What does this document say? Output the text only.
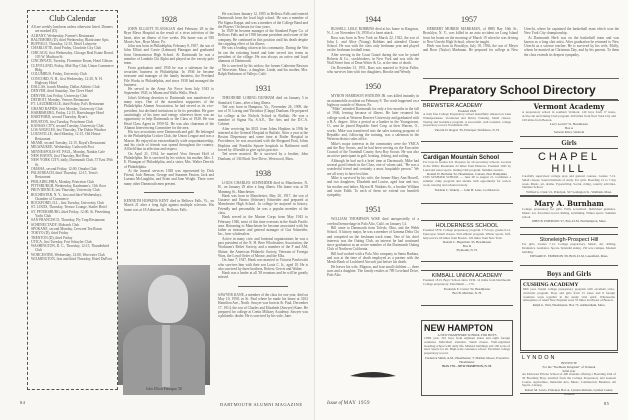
Club Calendar

All are weekly luncheon unless otherwise listed. Dinners are marked (D).

ALBANY, Wednesday, Farmer's Restaurant

BALTIMORE (D), third Wednesday, Blackstone Apts.

BUFFALO, Thursday, 12:15, Hotel Lafayette

CHARLOTTE, third Friday, Charlotte City Club

CHICAGO, first Wednesday, Chicago Real Estate Board, 105 W. Madison St.

CINCINNATI, Tuesday, Florentine Room, Hotel Gibson

CLEVELAND, Friday, Mid-Day Club, Union Commerce Bldg.

COLUMBUS, Friday, University Club

CONCORD, N. H., first Wednesday, 12:30, N. H. Highway Hotel

DALLAS, fourth Monday, Dallas Athletic Club

DENVER, third Saturday, Van Cleve Hotel

DENVER, last Friday, University Club

DETROIT, Monday, Vernors Restaurant

FT. LAUDERDALE, third Friday, Pal's Restaurant

GRAND RAPIDS, first Monday, University Club

HARRISBURG, Friday, 12:15, Harrisburger Hotel

HARTFORD, second Thursday, Ryan's

HOUSTON, first Tuesday, Petroleum Club

KANSAS CITY, second Tuesday, University Club

LOS ANGELES, last Thursday, The Dubin Windsor

LOUISVILLE, third Monday, 12:15, Old House Restaurant

MIAMI, second Tuesday, 12:15, Royal's Restaurant

MILWAUKEE, Wednesday, Cudworth Post

MINNEAPOLIS-ST. PAUL, Monday, Nankin Cafe

NEW HAVEN, first Thursday, Hof Brau

NEW YORK CITY, daily, Dartmouth Club, 37 East 39th St.

OMAHA, second Friday, 12:00, Omaha Club

PALM BEACH, third Thursday, 12:15, Testa's Restaurant

PHILADELPHIA, Monday, Princeton Club

PITTSBURGH, Wednesday, Kaufmann's, 11th floor

PROVIDENCE, last Thursday, University Club

ROCHESTER, N. Y., first and third Wednesdays, Chamber of Commerce

ROCKFORD, ILL., first Tuesday, University Club

ST. LOUIS, Thursday, Terrace Lounge, Statler Hotel

ST. PETERSBURG, third Friday, 12:00, St. Petersburg Yacht Club

SAN FRANCISCO, Thursday, Fly Trap Restaurant

SCHENECTADY, Mohawk Club

SPOKANE, second Monday, Crescent Tea Room

TOKYO (D), third Friday

TRENTON (D), third Friday

UTICA, first Tuesday, Fort Schuyler Club

WASHINGTON, D. C., Thursday, 12:15, Thunderbird Club

WORCESTER, Wednesday, 12:00, Worcester Club

WILMINGTON, first and third Thursday, Hotel DuPont

1928

JOHN ELLIOTT FLANAGAN died February 28 in the Bryn Mawr Hospital as the result of a virus infection of the heart, after an illness of five weeks. His home was at 930 Morris Ave., Bryn Mawr, Pa.

John was born in Philadelphia, February 8, 1907, the son of John Elliott and Carrie (Lehman) Flanagan and graduated from Germantown High School. At Dartmouth he was a member of Lambda Chi Alpha and played on the varsity polo team.

From graduation until 1936 he was a salesman for the securities business in Philadelphia. In 1936 he became treasurer and manager of the family business, the Freeland File Works in Philadelphia, and since 1938 had managed the business.

He served in the Army Air Force from July 1943 to September 1945, in Miami and Walla Walla, Wash.

John's lifelong devotion to Dartmouth was manifested in many ways. One of the staunchest supporters of the Philadelphia Alumni Association, he had served as its vice-president, but declined invitations to be its president. He gave unstintingly of his time and energy wherever there was an opportunity to help Dartmouth or the Class of 1928. He was Head Class Agent in 1950-52. He was also chairman of the Alumni Interviewing Committee for the area.

His two avocations were Dartmouth and golf. He belonged to the Philadelphia Cricket Club, the Union League and was a Mason. He enjoyed an extraordinarily wide acquaintanceship, and his circle of friends was spread throughout the country. All held him in affection and respect.

On April 21, 1934, he married Vera Stewart Hoff of Philadelphia. He is survived by his widow, his mother, Mrs. J. E. Flanagan of Philadelphia, and a sister, Mrs. Walter Derrick of Philadelphia.

At the funeral services 1928 was represented by Dick Friend, Jack Benson, George and Suzanne Paxton, Jack and Luenna McLaughlin, and Ernie and Jane Wright. There were many other Dartmouth men present.

KENNETH HOPKINS KENT died in Bellows Falls, Vt., on March 21 after a long fight against multiple sclerosis. His home was at 18 Atkinson St., Bellows Falls.
John Elliott Flanagan '28

He was born January 12, 1905 in Bellows Falls and entered Dartmouth from the local high school. He was a member of Phi Sigma Kappa, and was a member of the College Band and the Players' Orchestra for four years.

In 1929 he became manager of the Standard Paper Co. of Bellows Falls and in 1938 became president and owner of the company. He continued in this position until his death despite the crippling effect of his illness.

He was a leading citizen in his community. During the War he ran the rationing board and later served two terms as president of the village. He was always an active and loyal alumnus of Dartmouth.

He is survived by his widow, the former Catherine Rawson of Worcester, Mass., a daughter, Linda, and his mother, Mrs. Ralph Parkinson of Vallejo, Calif.

1931

THEODORE LORING DUNHAM died on January 3 in Stamford, Conn., after a long illness.

Ted was born in Hampton, Va., November 26, 1909, the son of N. Loring and Theodora (Clapp) Dunham. He prepared for college at the Nichols School in Buffalo. He was a member of Sigma Nu, S.A.E., The Arts and the D.C.A. Cabinet.

After receiving his M.D. from Johns Hopkins in 1936 he interned at the General Hospital in Buffalo. After a year at the Boston Dispensary and some time at Butler Hospital in Providence, he was associated with the Sheppard Pratt, Johns Hopkins and Franklin Square hospitals in Baltimore until forced by ill health to give up his practice.

Ted never married. He is survived by a brother, John Dunham, of 136 Birch Tree Drive, Westwood, Mass.

1938

LOUIS CHARLES SCHNEIDER died in Manchester, N. H., on January 29 after a long illness. His home was at 58 Manning St., Manchester.

Hank was born in Manchester, May 20, 1917, the son of Gustave and Emma (Scheuer) Schneider and prepared at Manchester High School. In college he majored in history. Friendly and personable, he was a popular member of the class.

Hank served in the Marine Corps from May 1943 to February 1946, most of this time overseas in the South Pacific area. Returning to Manchester he became associated with his father as treasurer and general manager of Gus Schneider, Inc., beer wholesalers.

Active in many civic and fraternal organizations he was a past president of the N. H. Beer Wholesalers Association, the Workmen's Relief Society, and a member of the F and AM, Shrine, the American Philatelic Society, Veterans of Foreign Wars, the Loyal Order of Moose, and the Elks.

On June 7, 1947, Hank was married to Victoria Pawlowski who survives him with their son Louis C. Jr., aged 10. He is also survived by three brothers, Robert, Gervis and Walter.

Hank was a leader at all '38 reunions and he will be greatly missed.

SAWYER KANE, a member of the class for one year, died on May 10, 1958, in St. Paul where he made his home at 3102 Hamilton Ave., North. Sawyer was born in St. Paul, December 17, 1914, the son of Charles and Elizabeth (Sawyer) Kane. He prepared for college at Cretin Military Academy. Sawyer was a philatelic dealer. He is survived by his wife, Jane.
84	DARTMOUTH ALUMNI MAGAZINE
1944

RUSSELL LISLE ROBBINS died at his home in Kingston, N. J., on November 16, 1958 of a heart attack.

Russ was born in New York on March 22, 1922, the son of John L. and Alice (Young) Robbins and attended Choate School. He was with the class only freshman year and played on the freshman football team.

After serving in the Coast Guard during the war he joined Roberts & Co., stockbrokers, in New York and was with the Wall Street firm of Dean Witter & Co. at the time of death.

On December 31, 1951, Russ was married to Sylvia Fuller, who survives him with two daughters, Brooke and Wendy.

1950

MYRON HARRISON WATKINS JR. was killed instantly in an automobile accident on February 8. The crash happened on a highway outside of Sharon, Pa.

"Mike" attended Dartmouth for only a few months in the fall of 1946, leaving because of illness. He later resumed his college work at Western Reserve University and graduated with a B.A. degree. After a period as a banker in the Youngstown, O., area he joined Republic Steel Corp. at their Warren, O., works. Mike was transferred into the sales training program of Republic and, following the training, was a salesman in the Western district sales office.

Mike's major interests in the community were the YMCA and the Boy Scouts, and he had been serving on the Executive Council of the Trumbull County Area Boy Scouts. He was also an active participant in golf, boating, fishing, and sailing.

Although he had such a brief time at Dartmouth, Mike had several good friends in the Class, one of whom said, "He was a wonderful friend and certainly a most hospitable person." We are all sorry to have lost him.

Mike is survived by his wife, the former Mary Ann Howell, and two daughters, Elizabeth and Louise, aged four and two; his mother and father, Myron H. Watkins Sr., a brother William and sister Edith. To each of them we extend our heartfelt sympathy.

1951

WILLIAM THOMPSON WISE died unexpectedly of a cerebral hemorrhage in Palo Alto, Calif. on January 14.

Bill came to Dartmouth from Toledo, Ohio, and the Webb School. A history major, he was a member of Gamma Delta Chi and competed on the freshman track team. One of his chief interests was the Outing Club, an interest he had continued since graduation as an active member of the Dartmouth Outing Club of Northern California.

Bill had worked with a Palo Alto company in Santa Barbara, and was at the time of death employed as a partner with the Menlo Bank of Lockheed Aircraft just before his death.

He leaves his wife, Mignon, and four small children — three sons and a daughter. The family resides at 789 Loveland Drive, Palo Alto.

Issue of MAY 1959	85
1957

HERBERT MORRIS MARKMAN, of 8885 Bay 16th St., Brooklyn, N. Y., was killed in an auto accident on Long Island from his home on the morning of March 19 when he was driving to New Utrecht High School, where he taught.

Herb was born in Brooklyn, July 18, 1936, the son of Meyer and Rose (Taylor) Markman. He prepared for college at New Utrecht, where he captained the basketball team which won the New York City championship.

At Dartmouth Herb was on the basketball team and was known as a long shot artist. After graduation he returned to New Utrecht as a science teacher. He is survived by his wife, Molly, whom he married on Christmas Day, and by his parents. To them the class extends its deepest sympathy.

Preparatory School Directory
BREWSTER ACADEMY
Founded 1820
A truly fine College Preparatory school beautifully situated on Lake Winnipesaukee. Vocational and Driver Training. Small classes. Testing and Guidance program. A successful, well rounded, college preparatory record. Enrollment 250.
Vincent D. Rogers '36, Principal, Wolfeboro, N. H.
Cardigan Mountain School
For boys in Grades 6-9. Prepares for all secondary schools. Located in the White Mountains 22 miles from Hanover. Founded 1945 by Land and water sports. Outing Club program. Summer session.
Roland W. Burbank '32, Headmaster, Canaan, New Hampshire
CMS SUMMER SCHOOL — June 28 to August 21. Combines a summer camp program and studies with opportunity for review work, tutoring and advanced study.
Norman C. Wakely — John H. Lane, Co-Directors
HOLDERNESS SCHOOL
Founded 1879. College preparatory program. 175 boys, grades 9-12. Episcopal. Small classes. Full athletic program. Winter sports. Self-help service 60 miles from Boston. 120 miles from New York.
Donald C. Hagerman '45, Headmaster
Box D
Plymouth, N. H.
KIMBALL UNION ACADEMY
Founded 1813. Boys' School since 1936. 14 miles from Dartmouth. College preparatory. Enrollment — 170.
Frederick E. Carver '32, Headmaster
Box B, Meriden, N. H.
NEW HAMPTON
A NEW HAMPSHIRE SCHOOL FOR BOYS
138th year. 310 boys from eighteen states and eight foreign countries. Individual attention. Small classes. Well-regulated boarding school with daily life. Modern buildings and 100 acres of land. Sports for all. High-scale counselor school. Excellent college preparatory record.
Frederick Smith, A.M., Headmaster; T. Holmes Moore, Executive Headmaster
BOX 170—NEW HAMPTON, N. H.
Vermont Academy
A preparatory school in southern Vermont. 140 boys from 17 states. Active ski and Outing Club program. 200 miles from New York City and 100 miles from Boston.
Larry Leavitt '31, Headmaster
Box A
Saxtons River, Vermont
CHAPEL HILL
Carefully supervised college prep and general courses. Grades 7-12. Small classes. Sound methods of study. For girls. Boarding 12 to 7-day week. Music, art, drama. Typewriting. Social, riding, country activities. Summer School.
Wilfred G. Clark '21, Principal, 327 Lexington St., Waltham, Mass.
Mary A. Burnham
College preparatory for girls. Fully accredited. Individual guidance. Music, Art. Excellent record. Riding, swimming. Winter sports. Summer school.
JOHN B. EMERSON '27, Box 43-M, Northampton, Mass.
Stoneleigh-Prospect Hill
For girls. Grades 7-12. College preparatory. Music, Art. Riding, Dramatics. Guidance. Sports. Splendid skiing. 150 acre campus. Modern building.
EDWARD E. EMERSON '28, BOX 43-M, Greenfield, Mass.
CUSHING ACADEMY
84th year. Sound college preparatory program with excellent extra-curricular program. Boys and girls from 15 states and 8 foreign countries work together in the sunny vital spirit. Wholesome atmosphere of small New England town 55 miles northwest of Boston.
Ralph G. Watt, Headmaster, Box 75, Ashburnham, Mass.
LYNDON
INSTITUTE
For the "Northeast Kingdom" of Vermont
92nd year
An Endowed Private School of 400 students offering a Boarding Unit of 30 Boarding Boys enrolled from the College Preparatory and General Course. Agriculture, Industrial Arts, Music, Commercial, Business. All Sports. Catalog.
Robert M. Lewis, Principal, Box A, Lyndon Institute, Lyndon Center, Vermont
Girls
Boys and Girls
